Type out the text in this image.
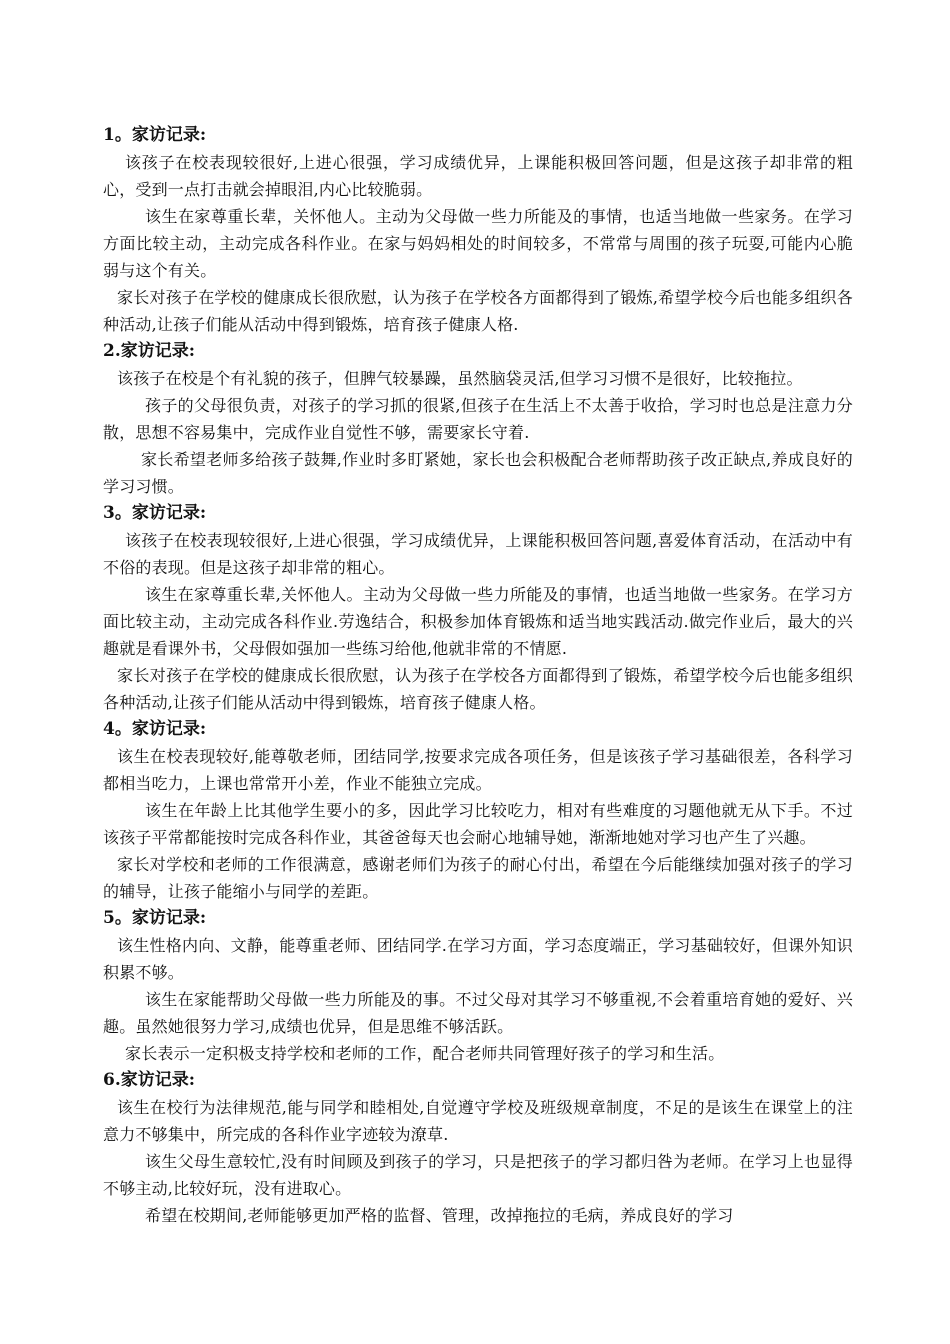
1。家访记录:

该孩子在校表现较很好,上进心很强，学习成绩优异，上课能积极回答问题，但是这孩子却非常的粗心，受到一点打击就会掉眼泪,内心比较脆弱。

该生在家尊重长辈，关怀他人。主动为父母做一些力所能及的事情，也适当地做一些家务。在学习方面比较主动，主动完成各科作业。在家与妈妈相处的时间较多，不常常与周围的孩子玩耍,可能内心脆弱与这个有关。

家长对孩子在学校的健康成长很欣慰，认为孩子在学校各方面都得到了锻炼,希望学校今后也能多组织各种活动,让孩子们能从活动中得到锻炼，培育孩子健康人格.

2.家访记录:

该孩子在校是个有礼貌的孩子，但脾气较暴躁，虽然脑袋灵活,但学习习惯不是很好，比较拖拉。

孩子的父母很负责，对孩子的学习抓的很紧,但孩子在生活上不太善于收拾，学习时也总是注意力分散，思想不容易集中，完成作业自觉性不够，需要家长守着.

家长希望老师多给孩子鼓舞,作业时多盯紧她，家长也会积极配合老师帮助孩子改正缺点,养成良好的学习习惯。

3。家访记录:

该孩子在校表现较很好,上进心很强，学习成绩优异，上课能积极回答问题,喜爱体育活动，在活动中有不俗的表现。但是这孩子却非常的粗心。

该生在家尊重长辈,关怀他人。主动为父母做一些力所能及的事情，也适当地做一些家务。在学习方面比较主动，主动完成各科作业.劳逸结合，积极参加体育锻炼和适当地实践活动.做完作业后，最大的兴趣就是看课外书，父母假如强加一些练习给他,他就非常的不情愿.

家长对孩子在学校的健康成长很欣慰，认为孩子在学校各方面都得到了锻炼，希望学校今后也能多组织各种活动,让孩子们能从活动中得到锻炼，培育孩子健康人格。

4。家访记录:

该生在校表现较好,能尊敬老师，团结同学,按要求完成各项任务，但是该孩子学习基础很差，各科学习都相当吃力，上课也常常开小差，作业不能独立完成。

该生在年龄上比其他学生要小的多，因此学习比较吃力，相对有些难度的习题他就无从下手。不过该孩子平常都能按时完成各科作业，其爸爸每天也会耐心地辅导她，渐渐地她对学习也产生了兴趣。

家长对学校和老师的工作很满意，感谢老师们为孩子的耐心付出，希望在今后能继续加强对孩子的学习的辅导，让孩子能缩小与同学的差距。

5。家访记录:

该生性格内向、文静，能尊重老师、团结同学.在学习方面，学习态度端正，学习基础较好，但课外知识积累不够。

该生在家能帮助父母做一些力所能及的事。不过父母对其学习不够重视,不会着重培育她的爱好、兴趣。虽然她很努力学习,成绩也优异，但是思维不够活跃。

家长表示一定积极支持学校和老师的工作，配合老师共同管理好孩子的学习和生活。

6.家访记录:

该生在校行为法律规范,能与同学和睦相处,自觉遵守学校及班级规章制度，不足的是该生在课堂上的注意力不够集中，所完成的各科作业字迹较为潦草.

该生父母生意较忙,没有时间顾及到孩子的学习，只是把孩子的学习都归咎为老师。在学习上也显得不够主动,比较好玩，没有进取心。

希望在校期间,老师能够更加严格的监督、管理，改掉拖拉的毛病，养成良好的学习
